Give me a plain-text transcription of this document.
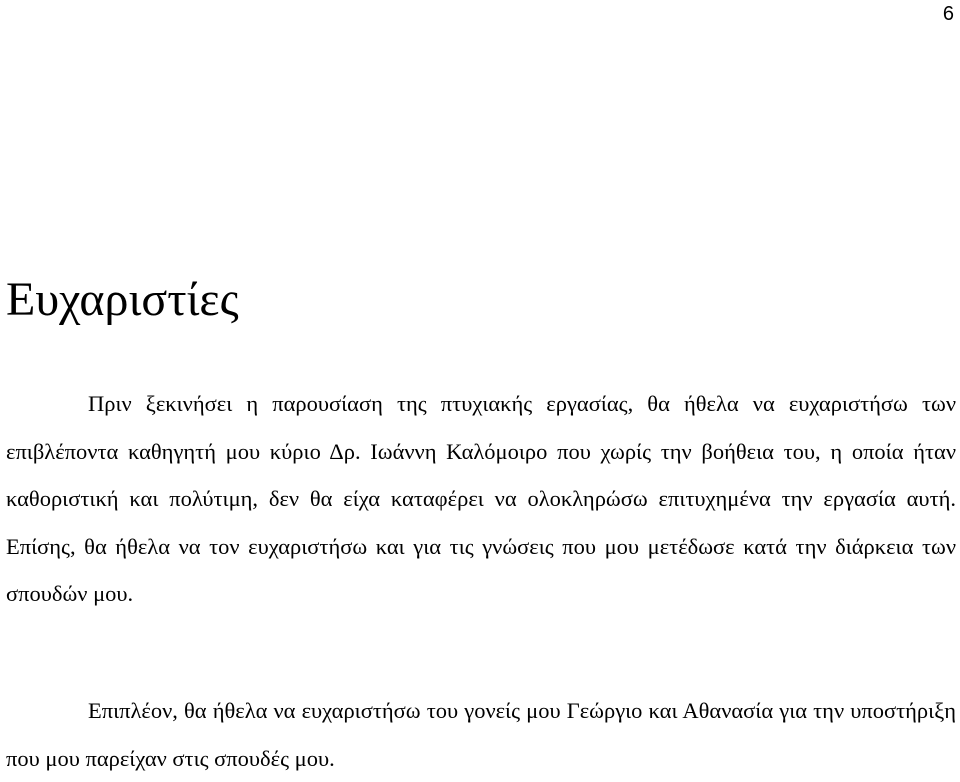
6
Ευχαριστίες

Πριν ξεκινήσει η παρουσίαση της πτυχιακής εργασίας, θα ήθελα να ευχαριστήσω των επιβλέποντα καθηγητή μου κύριο Δρ. Ιωάννη Καλόμοιρο που χωρίς την βοήθεια του, η οποία ήταν καθοριστική και πολύτιμη, δεν θα είχα καταφέρει να ολοκληρώσω επιτυχημένα την εργασία αυτή. Επίσης, θα ήθελα να τον ευχαριστήσω και για τις γνώσεις που μου μετέδωσε κατά την διάρκεια των σπουδών μου.

Επιπλέον, θα ήθελα να ευχαριστήσω του γονείς μου Γεώργιο και Αθανασία για την υποστήριξη που μου παρείχαν στις σπουδές μου.
